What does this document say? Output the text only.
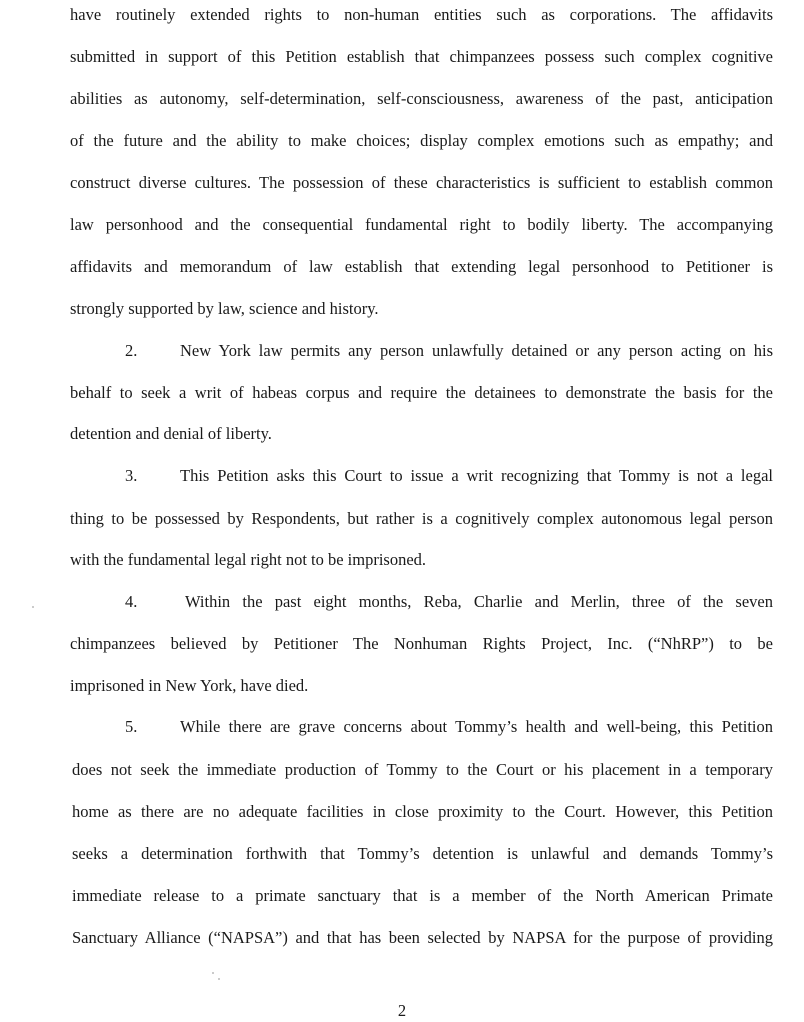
have routinely extended rights to non-human entities such as corporations. The affidavits
submitted in support of this Petition establish that chimpanzees possess such complex cognitive
abilities as autonomy, self-determination, self-consciousness, awareness of the past, anticipation
of the future and the ability to make choices; display complex emotions such as empathy; and
construct diverse cultures. The possession of these characteristics is sufficient to establish common
law personhood and the consequential fundamental right to bodily liberty. The accompanying
affidavits and memorandum of law establish that extending legal personhood to Petitioner is
strongly supported by law, science and history.
2.	New York law permits any person unlawfully detained or any person acting on his
behalf to seek a writ of habeas corpus and require the detainees to demonstrate the basis for the
detention and denial of liberty.
3.	This Petition asks this Court to issue a writ recognizing that Tommy is not a legal
thing to be possessed by Respondents, but rather is a cognitively complex autonomous legal person
with the fundamental legal right not to be imprisoned.
4.	Within the past eight months, Reba, Charlie and Merlin, three of the seven
chimpanzees believed by Petitioner The Nonhuman Rights Project, Inc. (“NhRP”) to be
imprisoned in New York, have died.
5.	While there are grave concerns about Tommy’s health and well-being, this Petition
does not seek the immediate production of Tommy to the Court or his placement in a temporary
home as there are no adequate facilities in close proximity to the Court. However, this Petition
seeks a determination forthwith that Tommy’s detention is unlawful and demands Tommy’s
immediate release to a primate sanctuary that is a member of the North American Primate
Sanctuary Alliance (“NAPSA”) and that has been selected by NAPSA for the purpose of providing
2
